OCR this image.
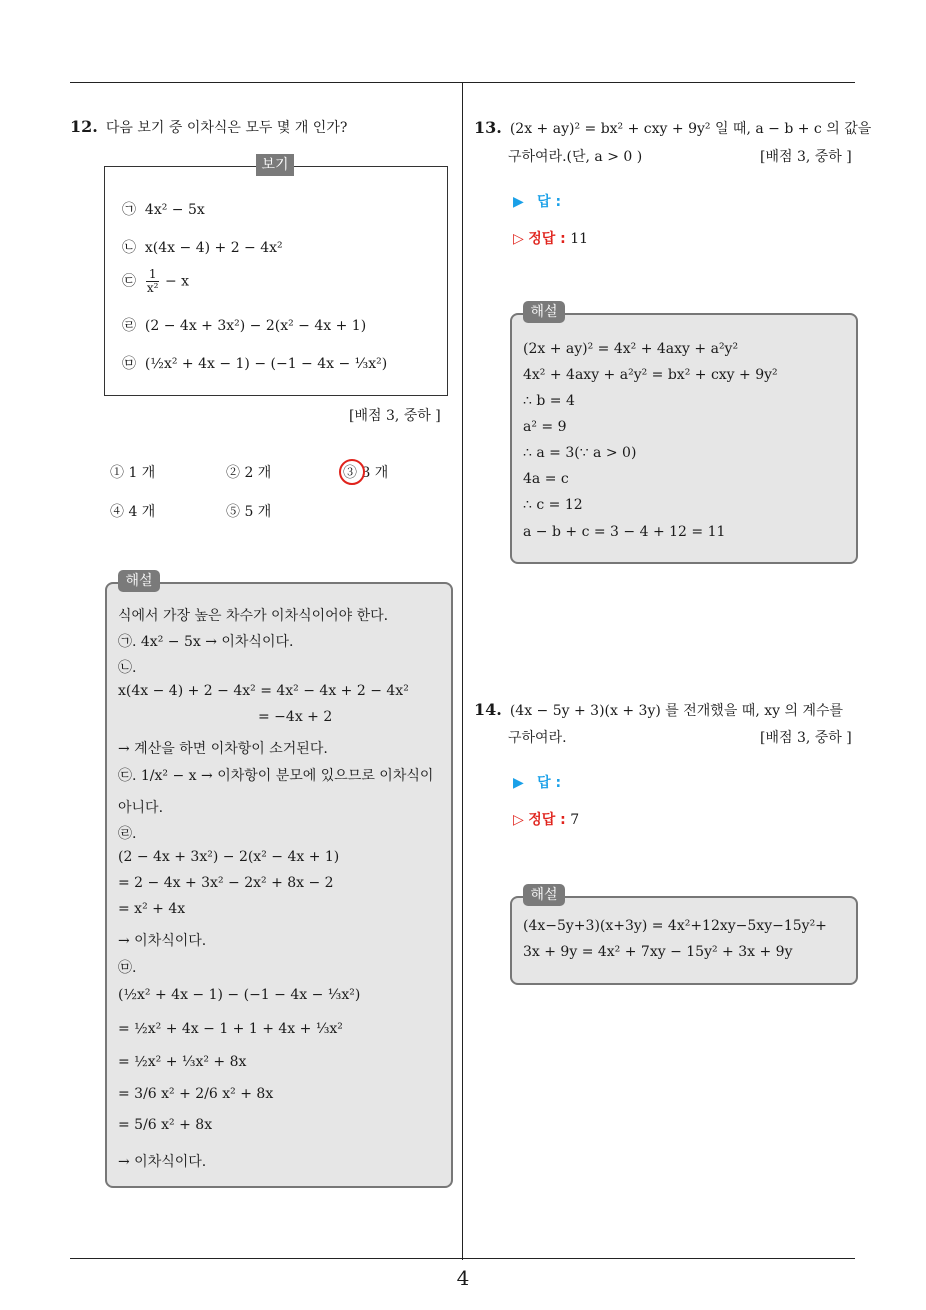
4
12. 다음 보기 중 이차식은 모두 몇 개 인가?
보기
㉠ 4x² − 5x
㉡ x(4x − 4) + 2 − 4x²
㉢ $\frac{1}{\text{x²}} - x$
㉣ (2 − 4x + 3x²) − 2(x² − 4x + 1)
㉤ (½x² + 4x − 1) − (−1 − 4x − ⅓x²)
[배점 3, 중하 ]
① 1 개	② 2 개	③ 3 개
④ 4 개	⑤ 5 개
해설
식에서 가장 높은 차수가 이차식이어야 한다.
㉠. 4x² − 5x → 이차식이다.
㉡.
x(4x − 4) + 2 − 4x² = 4x² − 4x + 2 − 4x²
= −4x + 2
→ 계산을 하면 이차항이 소거된다.
㉢. 1/x² − x → 이차항이 분모에 있으므로 이차식이
아니다.
㉣.
(2 − 4x + 3x²) − 2(x² − 4x + 1)
= 2 − 4x + 3x² − 2x² + 8x − 2
= x² + 4x
→ 이차식이다.
㉤.
(½x² + 4x − 1) − (−1 − 4x − ⅓x²)
= ½x² + 4x − 1 + 1 + 4x + ⅓x²
= ½x² + ⅓x² + 8x
= 3/6 x² + 2/6 x² + 8x
= 5/6 x² + 8x
→ 이차식이다.
13. (2x + ay)² = bx² + cxy + 9y² 일 때, a − b + c 의 값을
구하여라.(단, a > 0 )	[배점 3, 중하 ]
▶ 답 :
▷ 정답 : 11
해설
(2x + ay)² = 4x² + 4axy + a²y²
4x² + 4axy + a²y² = bx² + cxy + 9y²
∴ b = 4
a² = 9
∴ a = 3(∵ a > 0)
4a = c
∴ c = 12
a − b + c = 3 − 4 + 12 = 11
14. (4x − 5y + 3)(x + 3y) 를 전개했을 때, xy 의 계수를
구하여라.	[배점 3, 중하 ]
▶ 답 :
▷ 정답 : 7
해설
(4x−5y+3)(x+3y) = 4x²+12xy−5xy−15y²+
3x + 9y = 4x² + 7xy − 15y² + 3x + 9y
